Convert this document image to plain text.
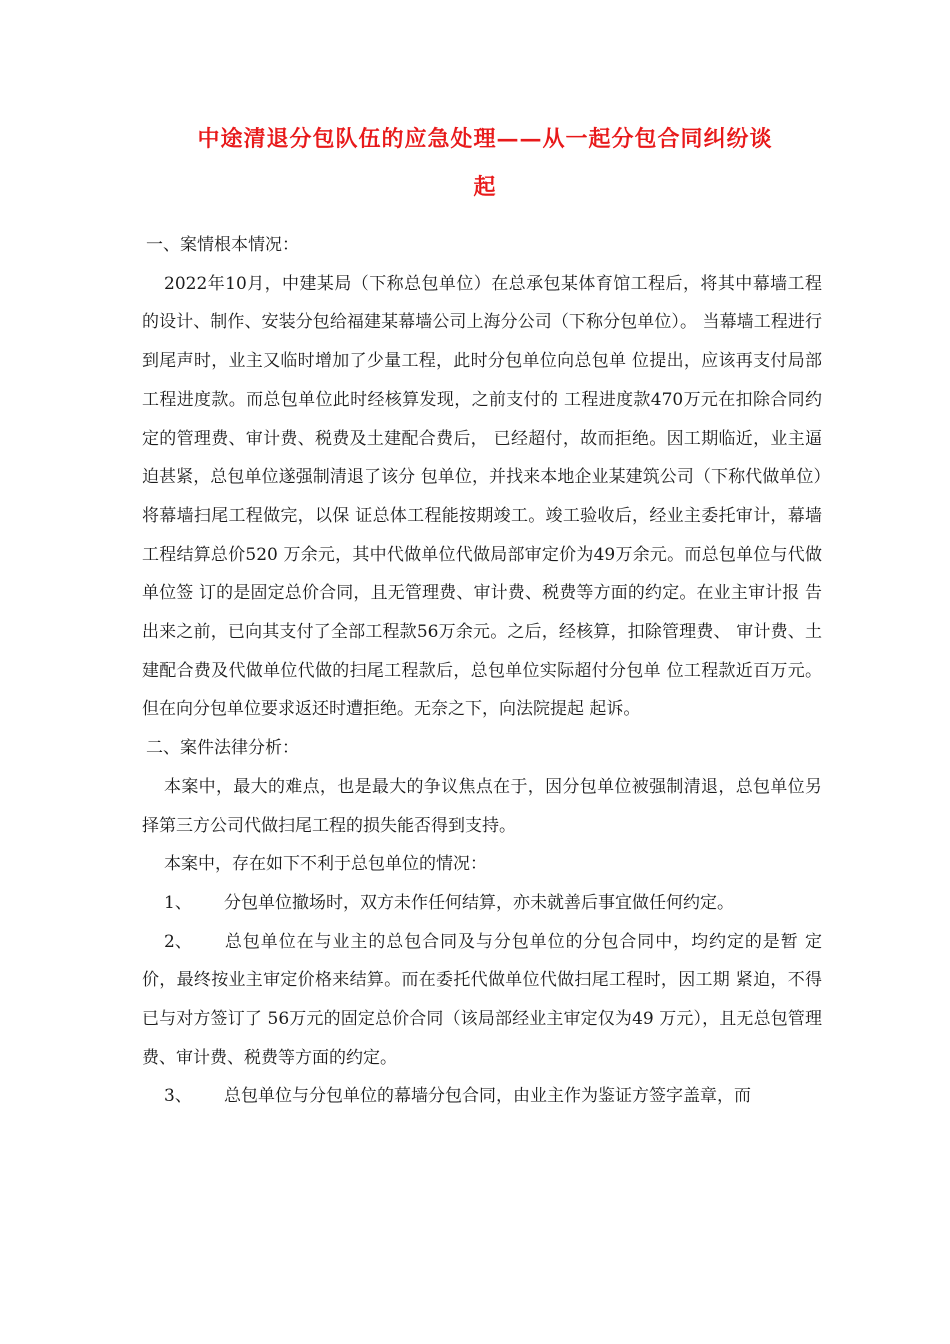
中途清退分包队伍的应急处理——从一起分包合同纠纷谈
起

一、案情根本情况：

2022年10月，中建某局（下称总包单位）在总承包某体育馆工程后，将其中幕墙工程的设计、制作、安装分包给福建某幕墙公司上海分公司（下称分包单位）。 当幕墙工程进行到尾声时，业主又临时增加了少量工程，此时分包单位向总包单 位提出，应该再支付局部工程进度款。而总包单位此时经核算发现，之前支付的 工程进度款470万元在扣除合同约定的管理费、审计费、税费及土建配合费后， 已经超付，故而拒绝。因工期临近，业主逼迫甚紧，总包单位遂强制清退了该分 包单位，并找来本地企业某建筑公司（下称代做单位）将幕墙扫尾工程做完，以保 证总体工程能按期竣工。竣工验收后，经业主委托审计，幕墙工程结算总价520 万余元，其中代做单位代做局部审定价为49万余元。而总包单位与代做单位签 订的是固定总价合同，且无管理费、审计费、税费等方面的约定。在业主审计报 告出来之前，已向其支付了全部工程款56万余元。之后，经核算，扣除管理费、 审计费、土建配合费及代做单位代做的扫尾工程款后，总包单位实际超付分包单 位工程款近百万元。但在向分包单位要求返还时遭拒绝。无奈之下，向法院提起 起诉。

二、案件法律分析：

本案中，最大的难点，也是最大的争议焦点在于，因分包单位被强制清退，总包单位另择第三方公司代做扫尾工程的损失能否得到支持。

本案中，存在如下不利于总包单位的情况：

1、 分包单位撤场时，双方未作任何结算，亦未就善后事宜做任何约定。

2、 总包单位在与业主的总包合同及与分包单位的分包合同中，均约定的是暂 定价，最终按业主审定价格来结算。而在委托代做单位代做扫尾工程时，因工期 紧迫，不得已与对方签订了 56万元的固定总价合同（该局部经业主审定仅为49 万元），且无总包管理费、审计费、税费等方面的约定。

3、 总包单位与分包单位的幕墙分包合同，由业主作为鉴证方签字盖章，而
